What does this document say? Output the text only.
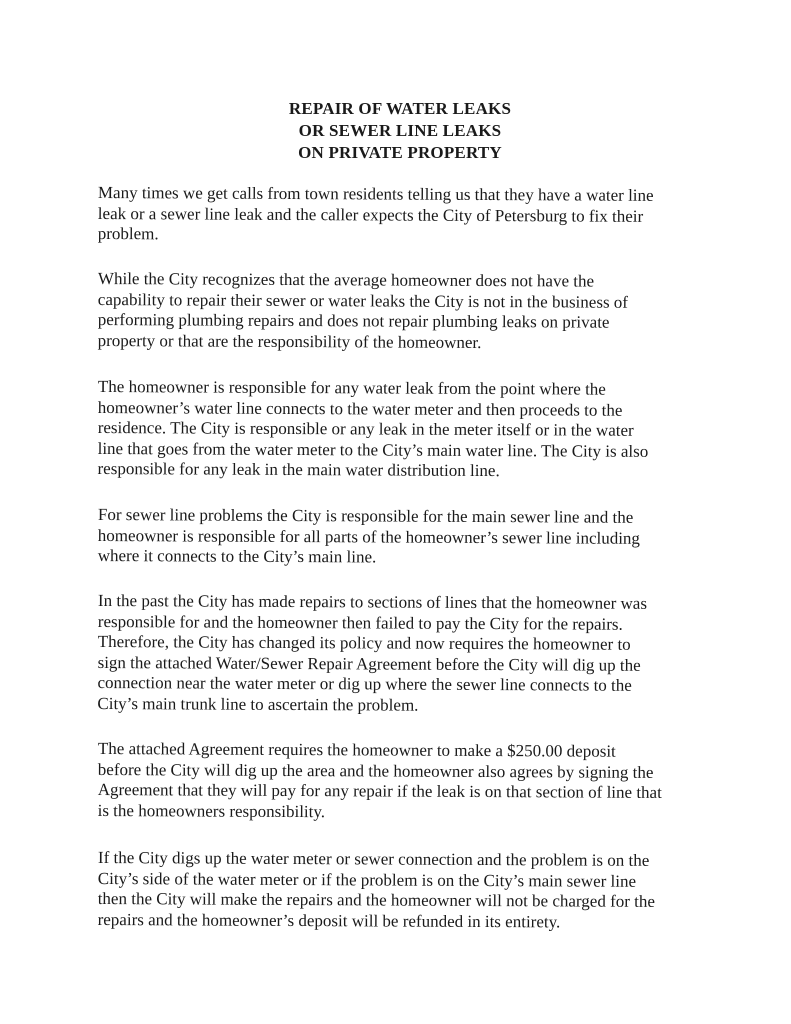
REPAIR OF WATER LEAKS
OR SEWER LINE LEAKS
ON PRIVATE PROPERTY
Many times we get calls from town residents telling us that they have a water line
leak or a sewer line leak and the caller expects the City of Petersburg to fix their
problem.
While the City recognizes that the average homeowner does not have the
capability to repair their sewer or water leaks the City is not in the business of
performing plumbing repairs and does not repair plumbing leaks on private
property or that are the responsibility of the homeowner.
The homeowner is responsible for any water leak from the point where the
homeowner’s water line connects to the water meter and then proceeds to the
residence. The City is responsible or any leak in the meter itself or in the water
line that goes from the water meter to the City’s main water line. The City is also
responsible for any leak in the main water distribution line.
For sewer line problems the City is responsible for the main sewer line and the
homeowner is responsible for all parts of the homeowner’s sewer line including
where it connects to the City’s main line.
In the past the City has made repairs to sections of lines that the homeowner was
responsible for and the homeowner then failed to pay the City for the repairs.
Therefore, the City has changed its policy and now requires the homeowner to
sign the attached Water/Sewer Repair Agreement before the City will dig up the
connection near the water meter or dig up where the sewer line connects to the
City’s main trunk line to ascertain the problem.
The attached Agreement requires the homeowner to make a $250.00 deposit
before the City will dig up the area and the homeowner also agrees by signing the
Agreement that they will pay for any repair if the leak is on that section of line that
is the homeowners responsibility.
If the City digs up the water meter or sewer connection and the problem is on the
City’s side of the water meter or if the problem is on the City’s main sewer line
then the City will make the repairs and the homeowner will not be charged for the
repairs and the homeowner’s deposit will be refunded in its entirety.
